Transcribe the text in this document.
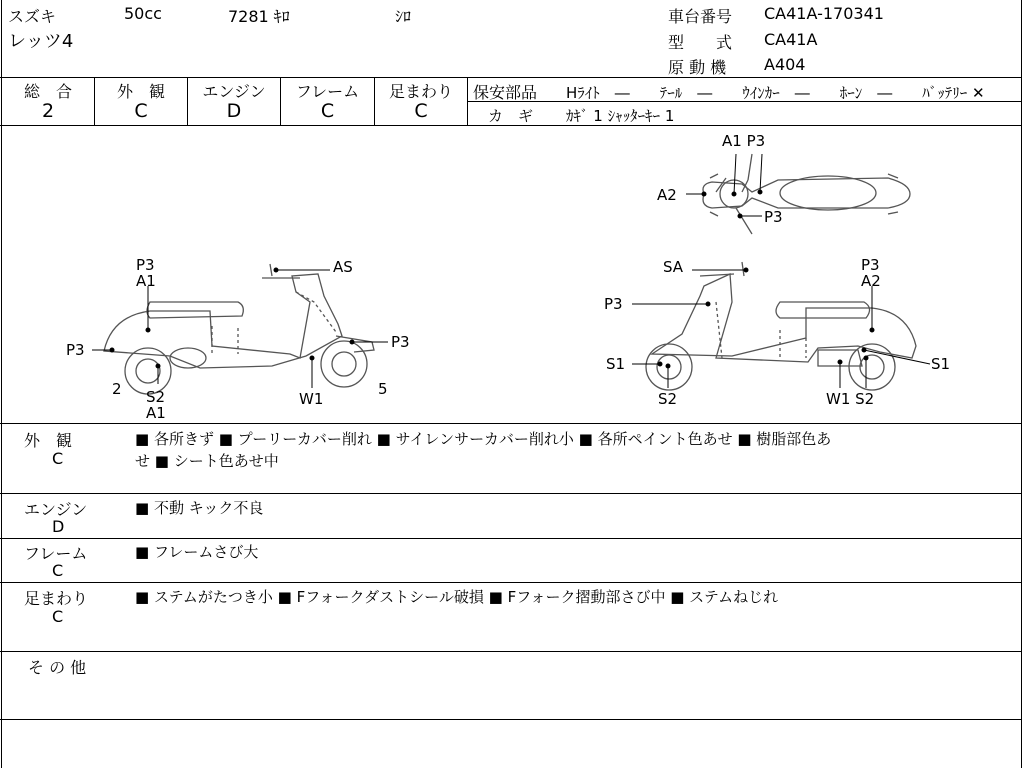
スズキ	50cc	7281 ｷﾛ	ｼﾛ
レッツ4
車台番号 CA41A-170341
型　　式 CA41A
原 動 機 A404
総　合
2
外　観
C
エンジン
D
フレーム
C
足まわり
C
保安部品 Hﾗｲﾄ　―　　ﾃｰﾙ　―　　ｳｲﾝｶｰ　―　　ﾎｰﾝ　―　　ﾊﾞｯﾃﾘｰ ✕
カ　ギ ｶｷﾞ 1 ｼｬｯﾀｰｷｰ 1
A1 P3
A2
P3
P3
A1
AS
P3	P3
2 S2
A1
W1
5
SA	P3
A2
P3
S1	S1
S2	W1 S2
外　観
C
■ 各所きず ■ プーリーカバー削れ ■ サイレンサーカバー削れ小 ■ 各所ペイント色あせ ■ 樹脂部色あ
せ ■ シート色あせ中
エンジン
D
■ 不動 キック不良
フレーム
C
■ フレームさび大
足まわり
C
■ ステムがたつき小 ■ Fフォークダストシール破損 ■ Fフォーク摺動部さび中 ■ ステムねじれ
そ の 他
